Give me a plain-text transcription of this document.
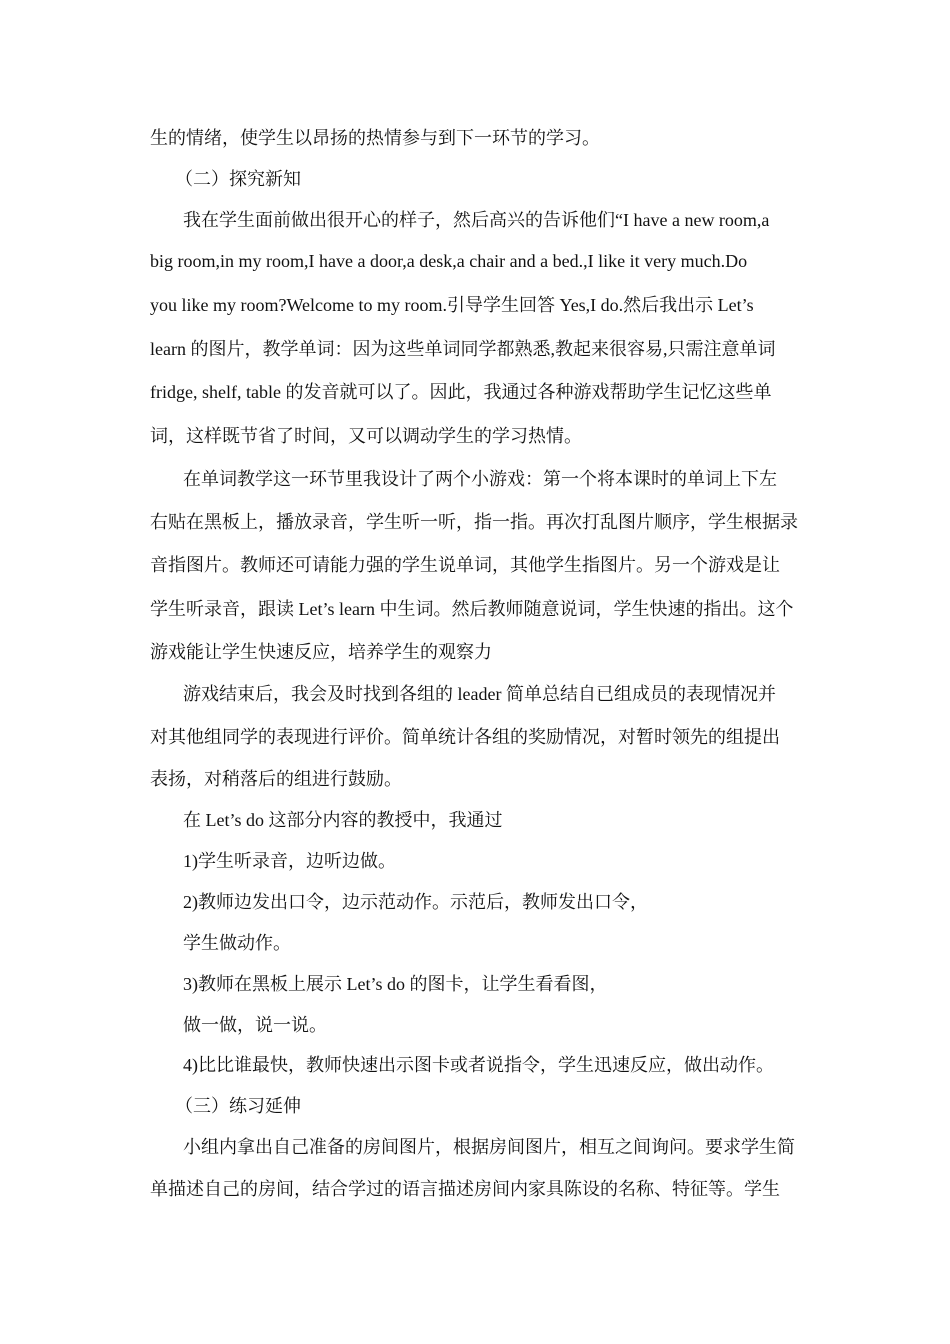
生的情绪，使学生以昂扬的热情参与到下一环节的学习。
（二）探究新知
我在学生面前做出很开心的样子，然后高兴的告诉他们“I have a new room,a
big room,in my room,I have a door,a desk,a chair and a bed.,I like it very much.Do
you like my room?Welcome to my room.引导学生回答 Yes,I do.然后我出示 Let’s
learn 的图片，教学单词：因为这些单词同学都熟悉,教起来很容易,只需注意单词
fridge, shelf, table 的发音就可以了。因此，我通过各种游戏帮助学生记忆这些单
词，这样既节省了时间，又可以调动学生的学习热情。
在单词教学这一环节里我设计了两个小游戏：第一个将本课时的单词上下左
右贴在黑板上，播放录音，学生听一听，指一指。再次打乱图片顺序，学生根据录
音指图片。教师还可请能力强的学生说单词，其他学生指图片。另一个游戏是让
学生听录音，跟读 Let’s learn 中生词。然后教师随意说词，学生快速的指出。这个
游戏能让学生快速反应，培养学生的观察力
游戏结束后，我会及时找到各组的 leader 简单总结自已组成员的表现情况并
对其他组同学的表现进行评价。简单统计各组的奖励情况，对暂时领先的组提出
表扬，对稍落后的组进行鼓励。
在 Let’s do 这部分内容的教授中，我通过
1)学生听录音，边听边做。
2)教师边发出口令，边示范动作。示范后，教师发出口令，
学生做动作。
3)教师在黑板上展示 Let’s do 的图卡，让学生看看图，
做一做，说一说。
4)比比谁最快，教师快速出示图卡或者说指令，学生迅速反应，做出动作。
（三）练习延伸
小组内拿出自己准备的房间图片，根据房间图片，相互之间询问。要求学生简
单描述自己的房间，结合学过的语言描述房间内家具陈设的名称、特征等。学生
